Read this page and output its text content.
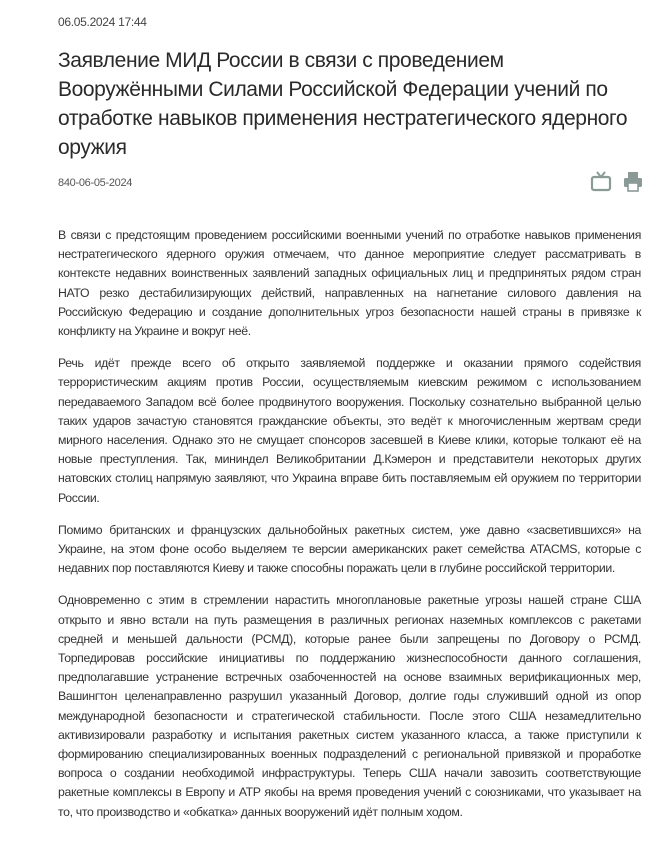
06.05.2024 17:44
Заявление МИД России в связи с проведением Вооружёнными Силами Российской Федерации учений по отработке навыков применения нестратегического ядерного оружия
840-06-05-2024

В связи с предстоящим проведением российскими военными учений по отработке навыков применения нестратегического ядерного оружия отмечаем, что данное мероприятие следует рассматривать в контексте недавних воинственных заявлений западных официальных лиц и предпринятых рядом стран НАТО резко дестабилизирующих действий, направленных на нагнетание силового давления на Российскую Федерацию и создание дополнительных угроз безопасности нашей страны в привязке к конфликту на Украине и вокруг неё.

Речь идёт прежде всего об открыто заявляемой поддержке и оказании прямого содействия террористическим акциям против России, осуществляемым киевским режимом с использованием передаваемого Западом всё более продвинутого вооружения. Поскольку сознательно выбранной целью таких ударов зачастую становятся гражданские объекты, это ведёт к многочисленным жертвам среди мирного населения. Однако это не смущает спонсоров засевшей в Киеве клики, которые толкают её на новые преступления. Так, мининдел Великобритании Д.Кэмерон и представители некоторых других натовских столиц напрямую заявляют, что Украина вправе бить поставляемым ей оружием по территории России.

Помимо британских и французских дальнобойных ракетных систем, уже давно «засветившихся» на Украине, на этом фоне особо выделяем те версии американских ракет семейства ATACMS, которые с недавних пор поставляются Киеву и также способны поражать цели в глубине российской территории.

Одновременно с этим в стремлении нарастить многоплановые ракетные угрозы нашей стране США открыто и явно встали на путь размещения в различных регионах наземных комплексов с ракетами средней и меньшей дальности (РСМД), которые ранее были запрещены по Договору о РСМД. Торпедировав российские инициативы по поддержанию жизнеспособности данного соглашения, предполагавшие устранение встречных озабоченностей на основе взаимных верификационных мер, Вашингтон целенаправленно разрушил указанный Договор, долгие годы служивший одной из опор международной безопасности и стратегической стабильности. После этого США незамедлительно активизировали разработку и испытания ракетных систем указанного класса, а также приступили к формированию специализированных военных подразделений с региональной привязкой и проработке вопроса о создании необходимой инфраструктуры. Теперь США начали завозить соответствующие ракетные комплексы в Европу и АТР якобы на время проведения учений с союзниками, что указывает на то, что производство и «обкатка» данных вооружений идёт полным ходом.
